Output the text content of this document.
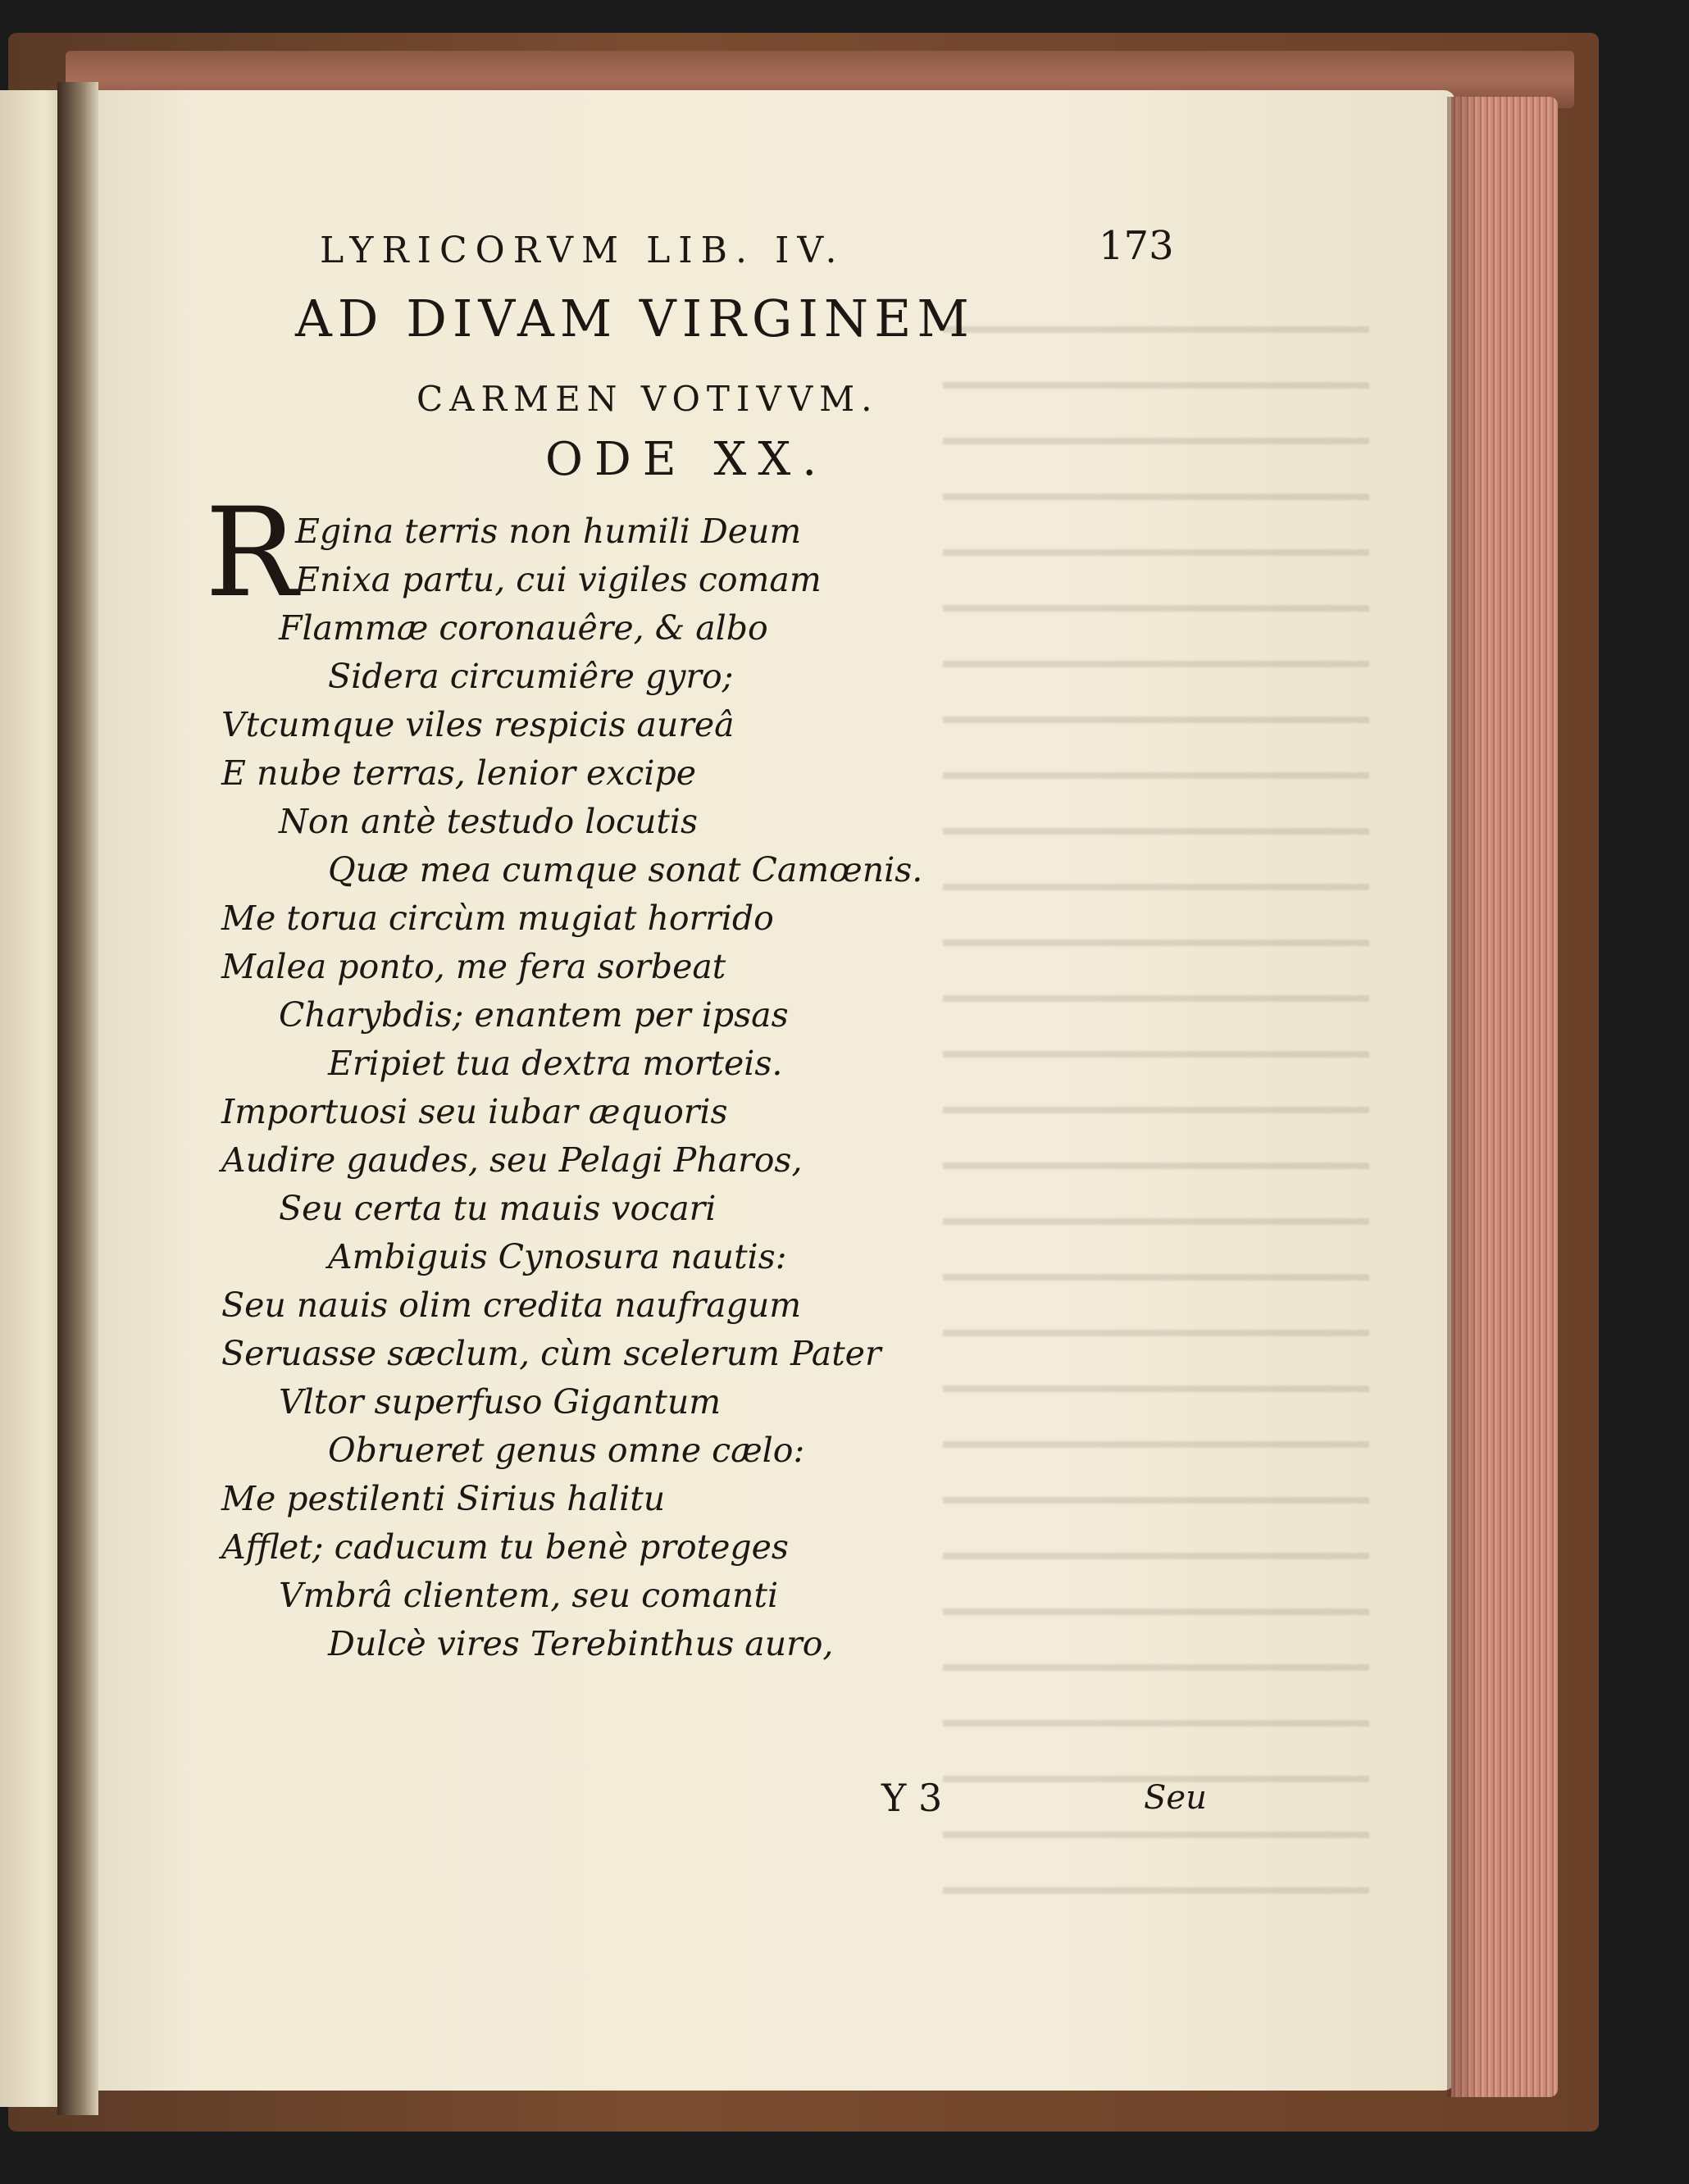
LYRICORVM LIB. IV.	173
AD DIVAM VIRGINEM
CARMEN VOTIVVM.
ODE XX.
R
Egina terris non humili Deum
Enixa partu, cui vigiles comam
Flammæ coronauêre, & albo
Sidera circumiêre gyro;
Vtcumque viles respicis aureâ
E nube terras, lenior excipe
Non antè testudo locutis
Quæ mea cumque sonat Camœnis.
Me torua circùm mugiat horrido
Malea ponto, me fera sorbeat
Charybdis; enantem per ipsas
Eripiet tua dextra morteis.
Importuosi seu iubar æquoris
Audire gaudes, seu Pelagi Pharos,
Seu certa tu mauis vocari
Ambiguis Cynosura nautis:
Seu nauis olim credita naufragum
Seruasse sæclum, cùm scelerum Pater
Vltor superfuso Gigantum
Obrueret genus omne cælo:
Me pestilenti Sirius halitu
Afflet; caducum tu benè proteges
Vmbrâ clientem, seu comanti
Dulcè vires Terebinthus auro,
Y 3	Seu
